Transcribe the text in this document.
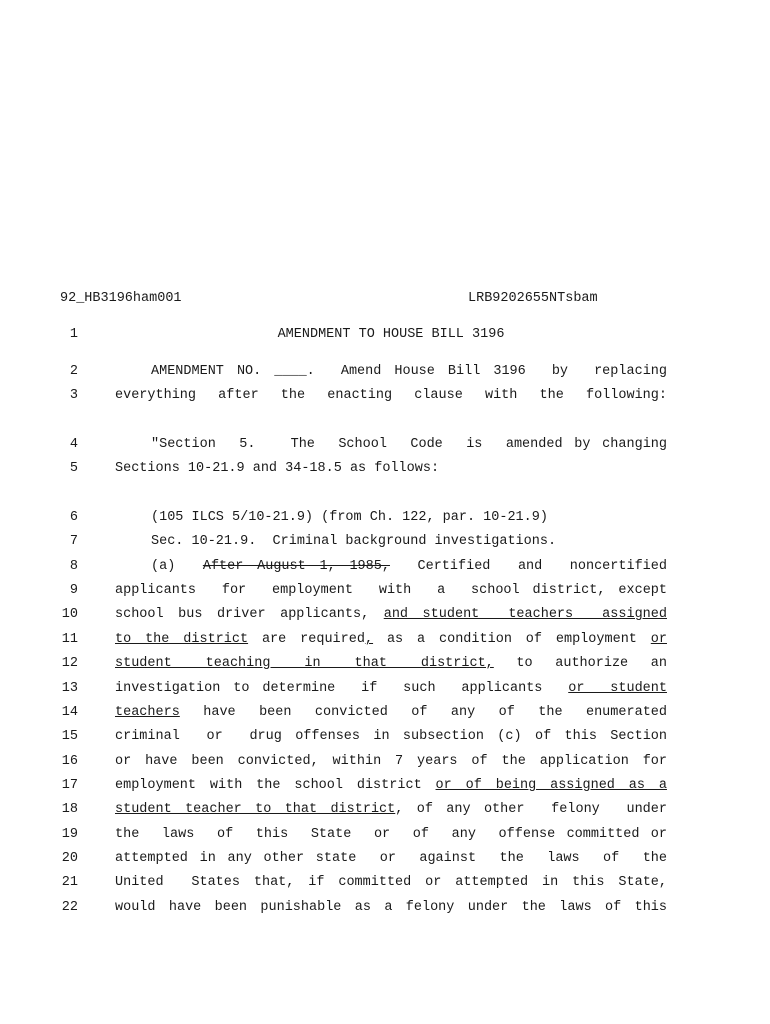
92_HB3196ham001	LRB9202655NTsbam
1	AMENDMENT TO HOUSE BILL 3196
2	AMENDMENT NO. ____.  Amend House Bill 3196  by  replacing
3	everything after the enacting clause with the following:
4	"Section  5.   The  School  Code  is  amended by changing
5	Sections 10-21.9 and 34-18.5 as follows:
6	(105 ILCS 5/10-21.9) (from Ch. 122, par. 10-21.9)
7	Sec. 10-21.9.  Criminal background investigations.
8	(a)  After August 1, 1985,  Certified  and  noncertified
9	applicants  for  employment  with  a  school district, except
10	school bus driver applicants, and student  teachers  assigned
11	to the district are required, as a condition of employment or
12	student   teaching   in   that   district,  to  authorize  an
13	investigation to determine  if  such  applicants  or  student
14	teachers  have  been  convicted  of  any  of  the  enumerated
15	criminal  or  drug offenses in subsection (c) of this Section
16	or have been convicted, within 7 years of the application for
17	employment with the school district or of being assigned as a
18	student teacher to that district, of any other  felony  under
19	the  laws  of  this  State  or  of  any  offense committed or
20	attempted in any other state  or  against  the  laws  of  the
21	United  States that, if committed or attempted in this State,
22	would have been punishable as a felony under the laws of this
